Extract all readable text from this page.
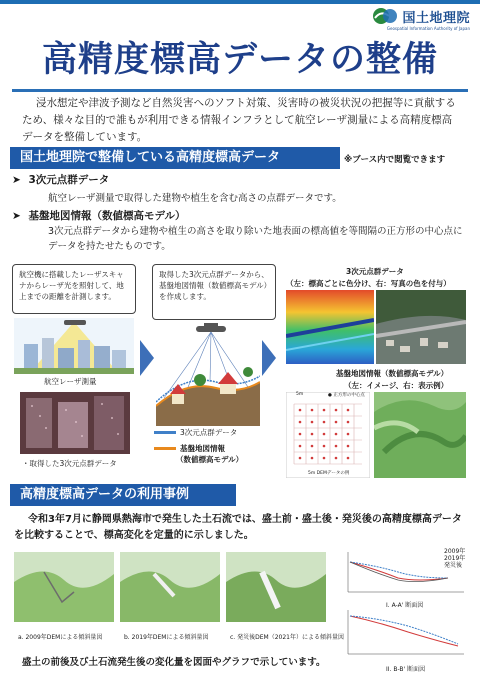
国土地理院
Geospatial Information Authority of Japan
高精度標高データの整備

浸水想定や津波予測など自然災害へのソフト対策、災害時の被災状況の把握等に貢献するため、様々な目的で誰もが利用できる情報インフラとして航空レーザ測量による高精度標高データを整備しています。

国土地理院で整備している高精度標高データ	※ブース内で閲覧できます
➤ 3次元点群データ
航空レーザ測量で取得した建物や植生を含む高さの点群データです。
➤ 基盤地図情報（数値標高モデル）
3次元点群データから建物や植生の高さを取り除いた地表面の標高値を等間隔の正方形の中心点にデータを持たせたものです。
航空機に搭載したレーザスキャナからレーザ光を照射して、地上までの距離を計測します。
取得した3次元点群データから、基盤地図情報（数値標高モデル）を作成します。
航空レーザ測量
・取得した3次元点群データ
3次元点群データ
基盤地図情報
（数値標高モデル）
3次元点群データ
（左：標高ごとに色分け、右：写真の色を付与）
基盤地図情報（数値標高モデル）
（左：イメージ、右：表示例）
5m	● 正方形の中心点
5m DEMデータの例
高精度標高データの利用事例

令和3年7月に静岡県熱海市で発生した土石流では、盛土前・盛土後・発災後の高精度標高データを比較することで、標高変化を定量的に示しました。

a. 2009年DEMによる傾斜量図	b. 2019年DEMによる傾斜量図	c. 発災後DEM（2021年）による傾斜量図
I. A-A' 断面図
2009年
2019年
発災後
II. B-B' 断面図
盛土の前後及び土石流発生後の変化量を図面やグラフで示しています。
